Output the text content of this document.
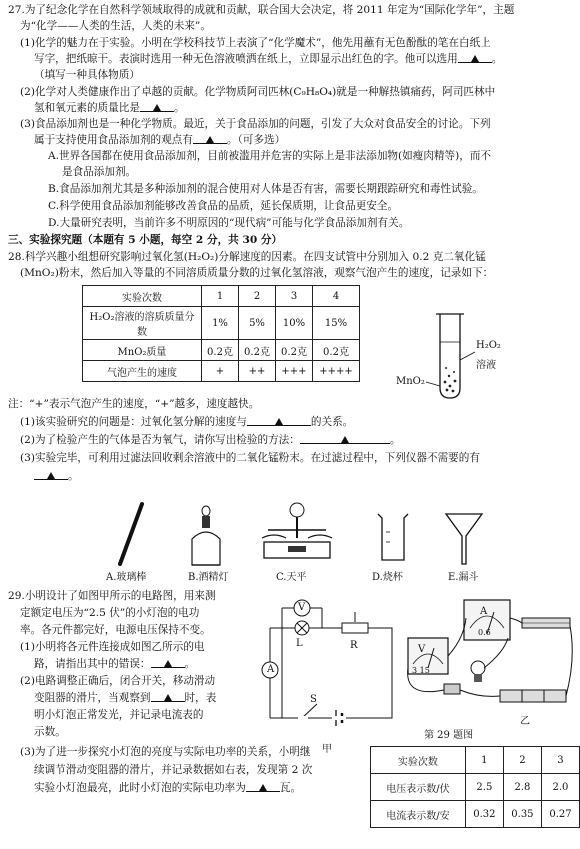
27.为了纪念化学在自然科学领域取得的成就和贡献，联合国大会决定，将 2011 年定为“国际化学年”，主题
为“化学——人类的生活，人类的未来”。
(1)化学的魅力在于实验。小明在学校科技节上表演了“化学魔术”，他先用蘸有无色酚酞的笔在白纸上
写字，把纸晾干。表演时选用一种无色溶液喷洒在纸上，立即显示出红色的字。他可以选用	。
（填写一种具体物质）
(2)化学对人类健康作出了卓越的贡献。化学物质阿司匹林(C₉H₈O₄)就是一种解热镇痛药，阿司匹林中
氢和氧元素的质量比是	。
(3)食品添加剂也是一种化学物质。最近，关于食品添加的问题，引发了大众对食品安全的讨论。下列
属于支持使用食品添加剂的观点有	。（可多选）
A.世界各国都在使用食品添加剂，目前被滥用并危害的实际上是非法添加物(如瘦肉精等)，而不
是食品添加剂。
B.食品添加剂尤其是多种添加剂的混合使用对人体是否有害，需要长期跟踪研究和毒性试验。
C.科学使用食品添加剂能够改善食品的品质，延长保质期，让食品更安全。
D.大量研究表明，当前许多不明原因的“现代病”可能与化学食品添加剂有关。
三、实验探究题（本题有 5 小题，每空 2 分，共 30 分）
28.科学兴趣小组想研究影响过氧化氢(H₂O₂)分解速度的因素。在四支试管中分别加入 0.2 克二氧化锰
(MnO₂)粉末，然后加入等量的不同溶质质量分数的过氧化氢溶液，观察气泡产生的速度，记录如下：
实验次数	1	2	3	4
H₂O₂溶液的溶质质量分数	1%	5%	10%	15%
MnO₂质量	0.2克	0.2克	0.2克	0.2克
气泡产生的速度	+	++	+++	++++
H₂O₂
溶液
MnO₂
注：“+”表示气泡产生的速度，“+”越多，速度越快。
(1)该实验研究的问题是：过氧化氢分解的速度与	的关系。
(2)为了检验产生的气体是否为氧气，请你写出检验的方法：	。
(3)实验完毕，可利用过滤法回收剩余溶液中的二氧化锰粉末。在过滤过程中，下列仪器不需要的有
。
A.玻璃棒	B.酒精灯	C.天平	D.烧杯	E.漏斗
29.小明设计了如图甲所示的电路图，用来测
定额定电压为“2.5 伏”的小灯泡的电功
率。各元件都完好，电源电压保持不变。
(1)小明将各元件连接成如图乙所示的电
路，请指出其中的错误：	。
(2)电路调整正确后，闭合开关，移动滑动
变阻器的滑片，当观察到	时，表
明小灯泡正常发光，并记录电流表的
示数。
(3)为了进一步探究小灯泡的亮度与实际电功率的关系，小明继
续调节滑动变阻器的滑片，并记录数据如右表，发现第 2 次
实验小灯泡最亮，此时小灯泡的实际电功率为	瓦。
V
L	R
A
S
甲
A
V
0.6
3 15
乙
第 29 题图
实验次数	1	2	3
电压表示数/伏	2.5	2.8	2.0
电流表示数/安	0.32	0.35	0.27
